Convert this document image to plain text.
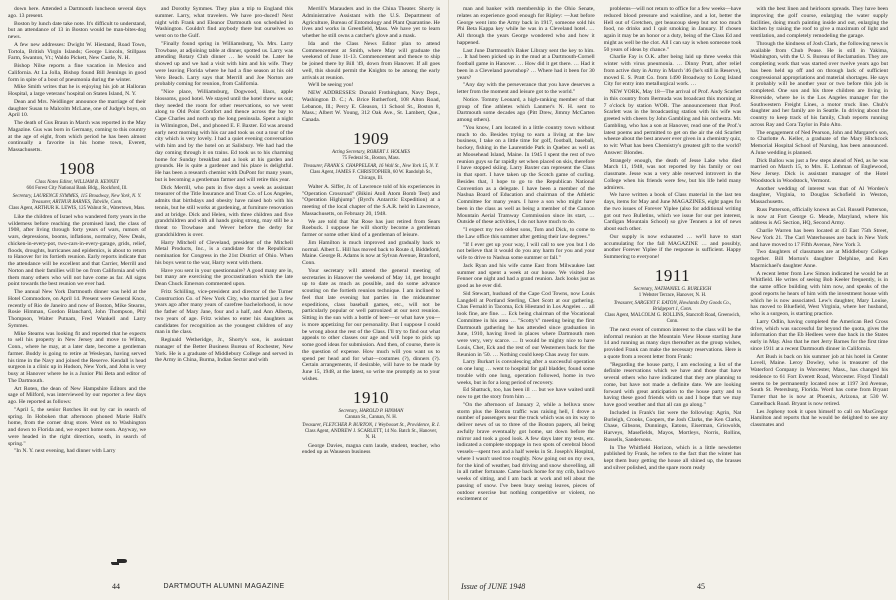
down here. Attended a Dartmouth luncheon several days ago. 13 present.

Boston by lunch date take note. It's difficult to understand, but an attendance of 13 in Boston would be man-bites-dog news.

A few new addresses: Dwight W. Hiestand, Road Town, Tortola, British Virgin Islands; George Lincoln, Stillpass Farm, Swanton, Vt.; Waldo Pickett, New Castle, N. H.

Bishop Nilse reports a fine vacation in Mexico and California. At La Jolla, Bishop found Bill Jennings in good form in spite of a bout of pneumonia during the winter.

Mike Smith writes that he is enjoying his job at Halloran Hospital, a large veterans' hospital on Staten Island, N. Y.

Dean and Mrs. Neidlinger announce the marriage of their daughter Susan to Malcolm McLane, one of Judge's boys, on April 10.

The death of Gus Braun in March was reported in the May Magazine. Gus was born in Germany, coming to this country at the age of eight, from which period he has been almost continually a favorite in his home town, Everett, Massachusetts.

1908
Class Notes Editor, WILLIAM B. KENNEY
604 Forest City National Bank Bldg., Rockford, Ill.
Secretary, LAURENCE SYMMES, 115 Broadway, New York, N. Y.
Treasurer, ARTHUR BARNES, Tabville, Conn.
Class Agent, ARTHUR K. LEWIS, 125 Walnut St., Watertown, Mass.

Like the children of Israel who wandered forty years in the wilderness before reaching the promised land, the class of 1908, after living through forty years of wars, rumors of wars, depressions, booms, inflations, normalcy, New Deals, chicken-in-every-pot, two-cars-in-every-garage, grids, relief, floods, droughts, hurricanes and epidemics, is about to return to Hanover for its fortieth reunion. Early reports indicate that the attendance will be excellent and that Carrier, Merrill and Norton and their families will be on from California and with them many others who will not have come as far. All signs point towards the best reunion we ever had.

The annual New York Dartmouth dinner was held at the Hotel Commodore, on April 14. Present were General Knox, recently of Rio de Janeiro and now of Boston, Mike Stearns, Rosie Himman, Gordon Blanchard, John Thompson, Phil Thompson, Walter Putnam, Fred Wankell and Larry Symmes.

Mike Stearns was looking fit and reported that he expects to sell his property in New Jersey and move to Wilton, Conn., where he may, at a later date, become a gentleman farmer. Buddy is going to retire at Wesleyan, having served his time in the Navy and joined the Reserve. Kendall is head surgeon in a clinic up in Hudson, New York, and John is very busy at Hanover where he is a Junior Phi Beta and editor of The Dartmouth.

Art Roten, the dean of New Hampshire Editors and the sage of Milford, was interviewed by our reporter a few days ago. He reported as follows:

"April 5, the senior Rotches lit out by car in search of spring. In Hoboken that afternoon phoned Marie Hall's home, from the corner drug store. Went on to Washington and down to Florida and, we expect home soon. Anyway, we were headed in the right direction, south, in search of spring."

"In N. Y. next evening, had dinner with Larry

and Dorothy Symmes. They plan a trip to England this summer. Larry, what travelers. We have pro-duced! Next night with Frank and Eleanor Dartmouth son scheduled in Washington. Couldn't find anybody there but ourselves so went on to the Gulf.

"Finally found spring in Williamsburg, Va. Mrs. Larry Trowbase, at adjoining table at dinner, spotted us. Larry was attending Rotary Club dinner … he would be. Later he showed up and we had a visit with him and his wife. They were leaving Florida where he had a fine season at his old Vero Beach. Larry says that Merrill and Joe Norton are probably coming for reunion, from California.

"Nice place, Williamsburg, Dogwood, lilacs, apple blossoms, good hotel. We stayed until the hotel threw us out; they needed the room for other reservations, so we went along to Old Point Comfort and thence across the bay to Cape Charles and north up the long peninsula. Spent a night in Wilmington, Del., and phoned E. F. Baxter. Ed was around early next morning with his car and took us out a tour of the city which is very lovely. I had a quiet evening conversation with him and by the hotel on at Salisbury. We had had the day coming through it on trains. Ed took us to his charming home for Sunday breakfast and a look at his garden and grounds. He is quite a gardener and his place is delightful. He has been a research chemist with DuPont for many years, but is becoming a gentleman farmer and will retire this year.

Dick Merrill, who puts in five days a week as assistant treasurer of the Title Insurance and Trust Co. of Los Angeles, admits that birthdays and obesity have raised hob with his tennis, but he still works at gardening, at furniture renovation and at bridge. Dick and Helen, with three children and five grandchildren and with all hands going strong, may still be a threat to Trowbase and Wever before the derby for grandchildren is over.

Harry Mitchell of Cleveland, president of the Mitchell Metal Products, Inc., is a candidate for the Republican nomination for Congress in the 21st District of Ohio. When his boys went to the war, Harry went with them.

Have you sent in your questionnaire? A good many are in, but many are exercising the procrastination which the late Dean Chuck Emerson commented upon.

Fritz Schilling, vice-president and director of the Turner Construction Co. of New York City, who married just a few years ago after many years of carefree bachelorhood, is now the father of Mary Jane, four and a half, and Ann Alberta, two years of age. Fritz wishes to enter his daughters as candidates for recognition as the youngest children of any man in the class.

Reginald Wetheridge, Jr., Shorty's son, is assistant manager of the Better Business Bureau of Rochester, New York. He is a graduate of Middlebury College and served in the Army in China, Burma, Indian Sector and with

Merrill's Marauders and in the China Theater. Shorty is Administrative Assistant with the U.S. Department of Agriculture, Bureau of Entomology and Plant Quarantine. He lives and works in Greenfield, Mass. We have yet to learn whether he still owns a catcher's glove and a mask.

Ida and the Class News Editor plan to attend Commencement at Smith, where May will graduate the weekend of June 11-13. Commencement and thence to ship be joined there by Bill '49, down from Hanover. If all goes well, this should permit the Knights to be among the early arrivals at reunion.

We'll be seeing you!

NEW ADDRESSES: Donald Frothingham, Navy Dept., Washington D. C.; A. Brice Rutherford, 108 Alton Road, Lebanon, Ill.; Percy E. Gleason, 11 School St., Boston 8, Mass.; Albert W. Young, 312 Oak Ave., St. Lambert, Que., Canada.

1909
Acting Secretary, ROBERT J. HOLMES
75 Federal St., Boston, Mass.
Treasurer, FRANK S. CHAPPELEAR, 16 Wall St., New York 15, N. Y.
Class Agent, JAMES F. CHRISTOPHER, 60 W. Randolph St., Chicago, Ill.

Walter A. Siffer, Jr. of Lawrence told of his experiences in "Operation Crossroad" (Bikini Atoll Atom Bomb Test) and "Operation Highjump" (Byrd's Antarctic Expedition) at a meeting of the local chapter of the S.A.R. held in Lawrence, Massachusetts, on February 20, 1948.

We are told that Nat Rose has just retired from Sears Roebuck. I suppose he will shortly become a gentleman farmer or some other kind of a gentleman of leisure.

Jim Hamilton is much improved and gradually back to normal. Albert L. Hill has moved back to Route 4, Biddeford, Maine. George R. Adams is now at Sylvan Avenue, Branford, Conn.

Your secretary will attend the general meeting of secretaries in Hanover the weekend of May 14, get brought up to date as much as possible, and do some advance scouting on the fortieth reunion technique. I am inclined to feel that late evening bat parties in the midsummer expeditions, class baseball games, etc., will not be particularly popular or well patronized at our next reunion. Sitting in the sun with a bottle of beer—or what have you—is more appetizing for our personality. But I suppose I could be wrong about the rest of the Class. I'll try to find out what appeals to other classes our age and will hope to pick up some good ideas for submission. And then, of course, there is the question of expense. How much will you want us to spend per head and for what—costumes (?), dinners (?). Certain arrangements, if desirable, will have to be made by June 15, 1948, at the latest, so write me promptly as to your wishes.

1910
Secretary, HAROLD P. HINMAN
Cannan St., Cannan, N. H.
Treasurer, FLETCHER P. BURTON, 1 Weybosset St., Providence, R. I.
Class Agent, ANDREW J. SCARLETT, 14 No. Batch St., Hanover, N. H.

George Davies, magna cum laude, student, teacher, who ended up as Wauseon business

DARTMOUTH ALUMNI MAGAZINE
44

man and banker with membership in the Ohio Senate, relates an experience good enough for Ripley: —Just before George went into the Army back in 1917, someone sold his Phi Beta Kappa key while he was in a Cleveland hotel. … All through the years George wondered who and how it happened.

Last June Dartmouth's Baker Library sent the key to him. … It had been picked up in the mud at a Dartmouth-Cornell football game in Hanover. … How did it get there. … Had it been in a Cleveland pawnshop? … Where had it been for 30 years?

"Any day with the perseverance that you have deserves a letter from the moment and leisure got to the world."

Notice. Tommy Leonard, a high-ranking member of that group of fine athletes which Lanmer's N. H. sent to Dartmouth some decades ago (Pitt Drew, Jimmy McCarten among others).

"You know, I am located in a little country town without much to do. Besides trying to earn a living at the law business, I take on a little time for golf, football, baseball, hockey, fishing in the Laurentide Park in Quebec as well as at Moosehead Island, Maine. In 1945 I spent the rest of two reunion guys so far rapidly set when placed on skis, therefore I have stopped skiing. Larry Baxter can represent the Class in that sport. I have taken up the Scotch game of curling. Besides that, I hope to go to the Republican National Convention as a delegate. I have been a member of the Nashua Board of Education and chairman of the Athletic Committee for many years. I have a son who might have been in the class as well as being a member of the Cannon Mountain Aerial Tramway Commission since its start, … Outside of these activities, I do not have much to do.

"I expect my two oldest sons, Tom and Dick, to come to the Law office this summer after getting their law degrees."

"If I ever get up your way, I will call to see you but I do not believe that it would do you any harm for you and your wife to drive to Nashua some summer or fall."

Jack Ryan and his wife came East from Milwaukee last summer and spent a week at our house. We visited Joe Fenner one night and had a grand reunion. Jack looks just as good as he ever did.

Sid Stewart, husband of the Cape Cod Towns, now Louis Langdell at Portland Sterling, Chet Scott at our gathering. Chas Fernald in Tacoma, Eck Hiestand in Los Angeles … all look fine, are fine. … Eck being chairman of the Vocational Committee in his area … "Scotty's" meeting being the first Dartmouth gathering he has attended since graduation in June, 1910, having lived in places where Dartmouth men were very, very scarce. … It would be mighty nice to have Louis, Chet, Eck and the rest of our Westerners back for the Reunion in '50. … Nothing could keep Chas away for sure.

Larry Burkart is convalescing after a successful operation on one lung … went to hospital for gall bladder, found some trouble with one lung, operation followed, home in two weeks, but in for a long period of recovery.

Ed Shattuck, too, has been ill … but we have waited until now to get the story from him …

"On the afternoon of January 2, while a helluva snow storm plus the Boston traffic was raising hell, I drove a number of passengers near the truck which was on its way to deliver news of us to three of the Boston papers, all being awfully brave eventually got home, sat down before the mirror and took a good look. A few days later my tests, etc. indicated a complete stoppage in two spots of cerebral blood vessels—spent two and a half weeks in St. Joseph's Hospital, where I wasn't used too roughly. Now going out on my own, for the kind of weather, bad driving and snow shovelling, all in all rather fortunate. Came back home for my crib, had two weeks of sitting, and I am back at work and tell about the passing of snow. I've been busy seeing leaves, pieces of outdoor exercise but nothing competitive or violent, no excitement or

problems—will not return to office for a few weeks—have reduced blood pressure and waistline, and a lot, better the Hell out of Gretchen, get beaucoup sleep but not too much food, no drinks and I quit smoking in January. If chosen again it may be an honor or a duty, being of the Class Ed and might as well be the clot. All I can say is when someone took 50 years of ideas by chance."

Charlie Fay is O.K. after being laid up three weeks this winter with virus pneumonia. … Dinny Pratt, after relief from active duty in Army in March '46 (he's still in Reserve), moved E. S. Pratt Co. from 1490 Broadway to Long Island City for entry into metallurgical work. …

NEW YORK, May 18—The arrival of Prof. Andy Scarlett in this country from Bermuda was broadcast this morning at 7 o'clock by station WOR. The announcement that Prof. Scarlett was in the broadcasting station with his wife was greeted with cheers by John Gambling and his orchestra. Mr. Gambling, who has a son at Hanover, read one of the Prof.'s latest poems and permitted to get on the air the old Scarlett wheeze about the best answer ever given in a chemistry quiz, to wit: What has been Chemistry's greatest gift to the world? Answer: Blondes.

Strangely enough, the death of Jesse Lake who died March 11, 1948, was not reported by his family or our classmate. Jesse was a very able reserved introvert in the College when his friends were few, but his life held many admirers.

We have written a book of Class material in the last ten days, items for May and June MAGAZINES, eight pages for the two issues of Forever Yiplee (also for additional writing got out two Bulletins, which we issue for our pet interest, Cardigan Mountain School) so give Tenners a lot of news about each other.

Our supply is now exhausted … we'll have to start accumulating for the fall MAGAZINE … and possibly, another Forever Yiplee if the response is sufficient. Happy Summering to everyone!

1911
Secretary, NATHANIEL G. BURLEIGH
1 Webster Terrace, Hanover, N. H.
Treasurer, SARGENT F. EATON, Howlands Dry Goods Co., Bridgeport 1, Conn.
Class Agent, MALCOLM G. ROLLINS, Stancroft Road, Greenwich, Conn.

The next event of common interest to the class will be the informal reunion at the Mountain View House starting June 14 and running as many days thereafter as the group wishes, provided Frank can make the necessary reservations. Here is a quote from a recent letter from Frank:

"Regarding the house party, I am enclosing a list of the definite reservations which we have and those that have several others who have indicated that they are planning to come, but have not made a definite date. We are looking forward with great anticipation to the house party and to having these good friends with us and I hope that we may have good weather and that all can go along."

Included in Frank's list were the following: Agrin, Nat Burleigh, Crooks, Coopers, the Josh Clarks, the Ken Clarks, Chase, Gibsons, Dunnings, Eatons, Eiserman, Griswolds, Harveys, Masefields, Mayos, Mortleys, Norris, Rollins, Russells, Sandersons.

In The Whitfield Horizon, which is a little newsletter published by Frank, he refers to the fact that the winter has kept them busy getting the house all shined up, the brasses and silver polished, and the spare room ready

with the best linen and heirloom spreads. They have been improving the golf course, enlarging the water supply facilities, doing much painting inside and out, enlarging the kitchen by raising the roof to give a maximum of light and ventilation, and completely remodeling the garage.

Through the kindness of Josh Clark, the following news is available from Chub Pease. He is still in Yakima, Washington, with the U. S. Bureau of Reclamation. They are completing work that was started over twelve years ago but has been held up off and on through lack of sufficient congressional appropriations and material shortages. He says it probably will be another year or two before this job is completed. One son and his three children are living in Riverside, where he is the Los Angeles manager for the Southwestern Freight Lines, a motor truck line. Chub's daughter and her family are in Seattle. In driving about the country to keep track of his family, Chub reports running across Ray and Cora Taylor in Palo Alto.

The engagement of Ned Pearson, John and Margaret's son, to Charlotte A. Keller, a graduate of the Mary Hitchcock Memorial Hospital School of Nursing, has been announced. A June wedding is planned.

Dick Ballou was just a few steps ahead of Ned, as he was married on March 15, to Mrs. E. Lothman of Englewood, New Jersey. Dick is assistant manager of the Hotel Woodstock in Woodstock, Vermont.

Another wedding of interest was that of Al Worden's daughter, Virginia, to Douglas Schofield in Weston, Massachusetts.

Russ Patterson, officially known as Col. Russell Patterson, is now at Fort George G. Meade, Maryland, where his address is AG Section, HQ, Second Army.

Charlie Warren has been located at 43 East 75th Street, New York 21. The Carl Waterhouses are back in New York and have moved to 17 Fifth Avenue, New York 3.

Two daughters of classmates are at Middlebury College together. Bill Morton's daughter Delphine, and Ken Macmichael's daughter Anne.

A recent letter from Lew Simon indicated he would be at Whitfield. He writes of seeing Bob Keeler frequently, is in the same office building with him now, and speaks of the good reports he hears of him with the investment house with which he is now associated. Lew's daughter, Mary Louise, has moved to Bluefield, West Virginia, where her husband, who is a surgeon, is starting practice.

Larry Odlin, having completed the American Red Cross drive, which was successful far beyond the quota, gives the information that the Eb Hedlees were due back in the States early in May. Also that he met Jerry Barnes for the first time since 1911 at a recent Dartmouth dinner in California.

Art Bush is back on his summer job at his hotel in Center Lovell, Maine. Leroy Dowley, who is treasurer of the Waterford Company in Worcester, Mass., has changed his residence to 61 Fort Everett Road, Worcester. Floyd Tindall seems to be permanently located now at 1197 3rd Avenue, South St. Petersburg, Florida. Word has come from Bryant Turner that he is now at Phoenix, Arizona, at 530 W. Camelback Road. Bryant is now retired.

Les Jopheny took it upon himself to call on MacGregor Hamilton and reports that he would be delighted to see any classmates and

Issue of JUNE 1948	45
